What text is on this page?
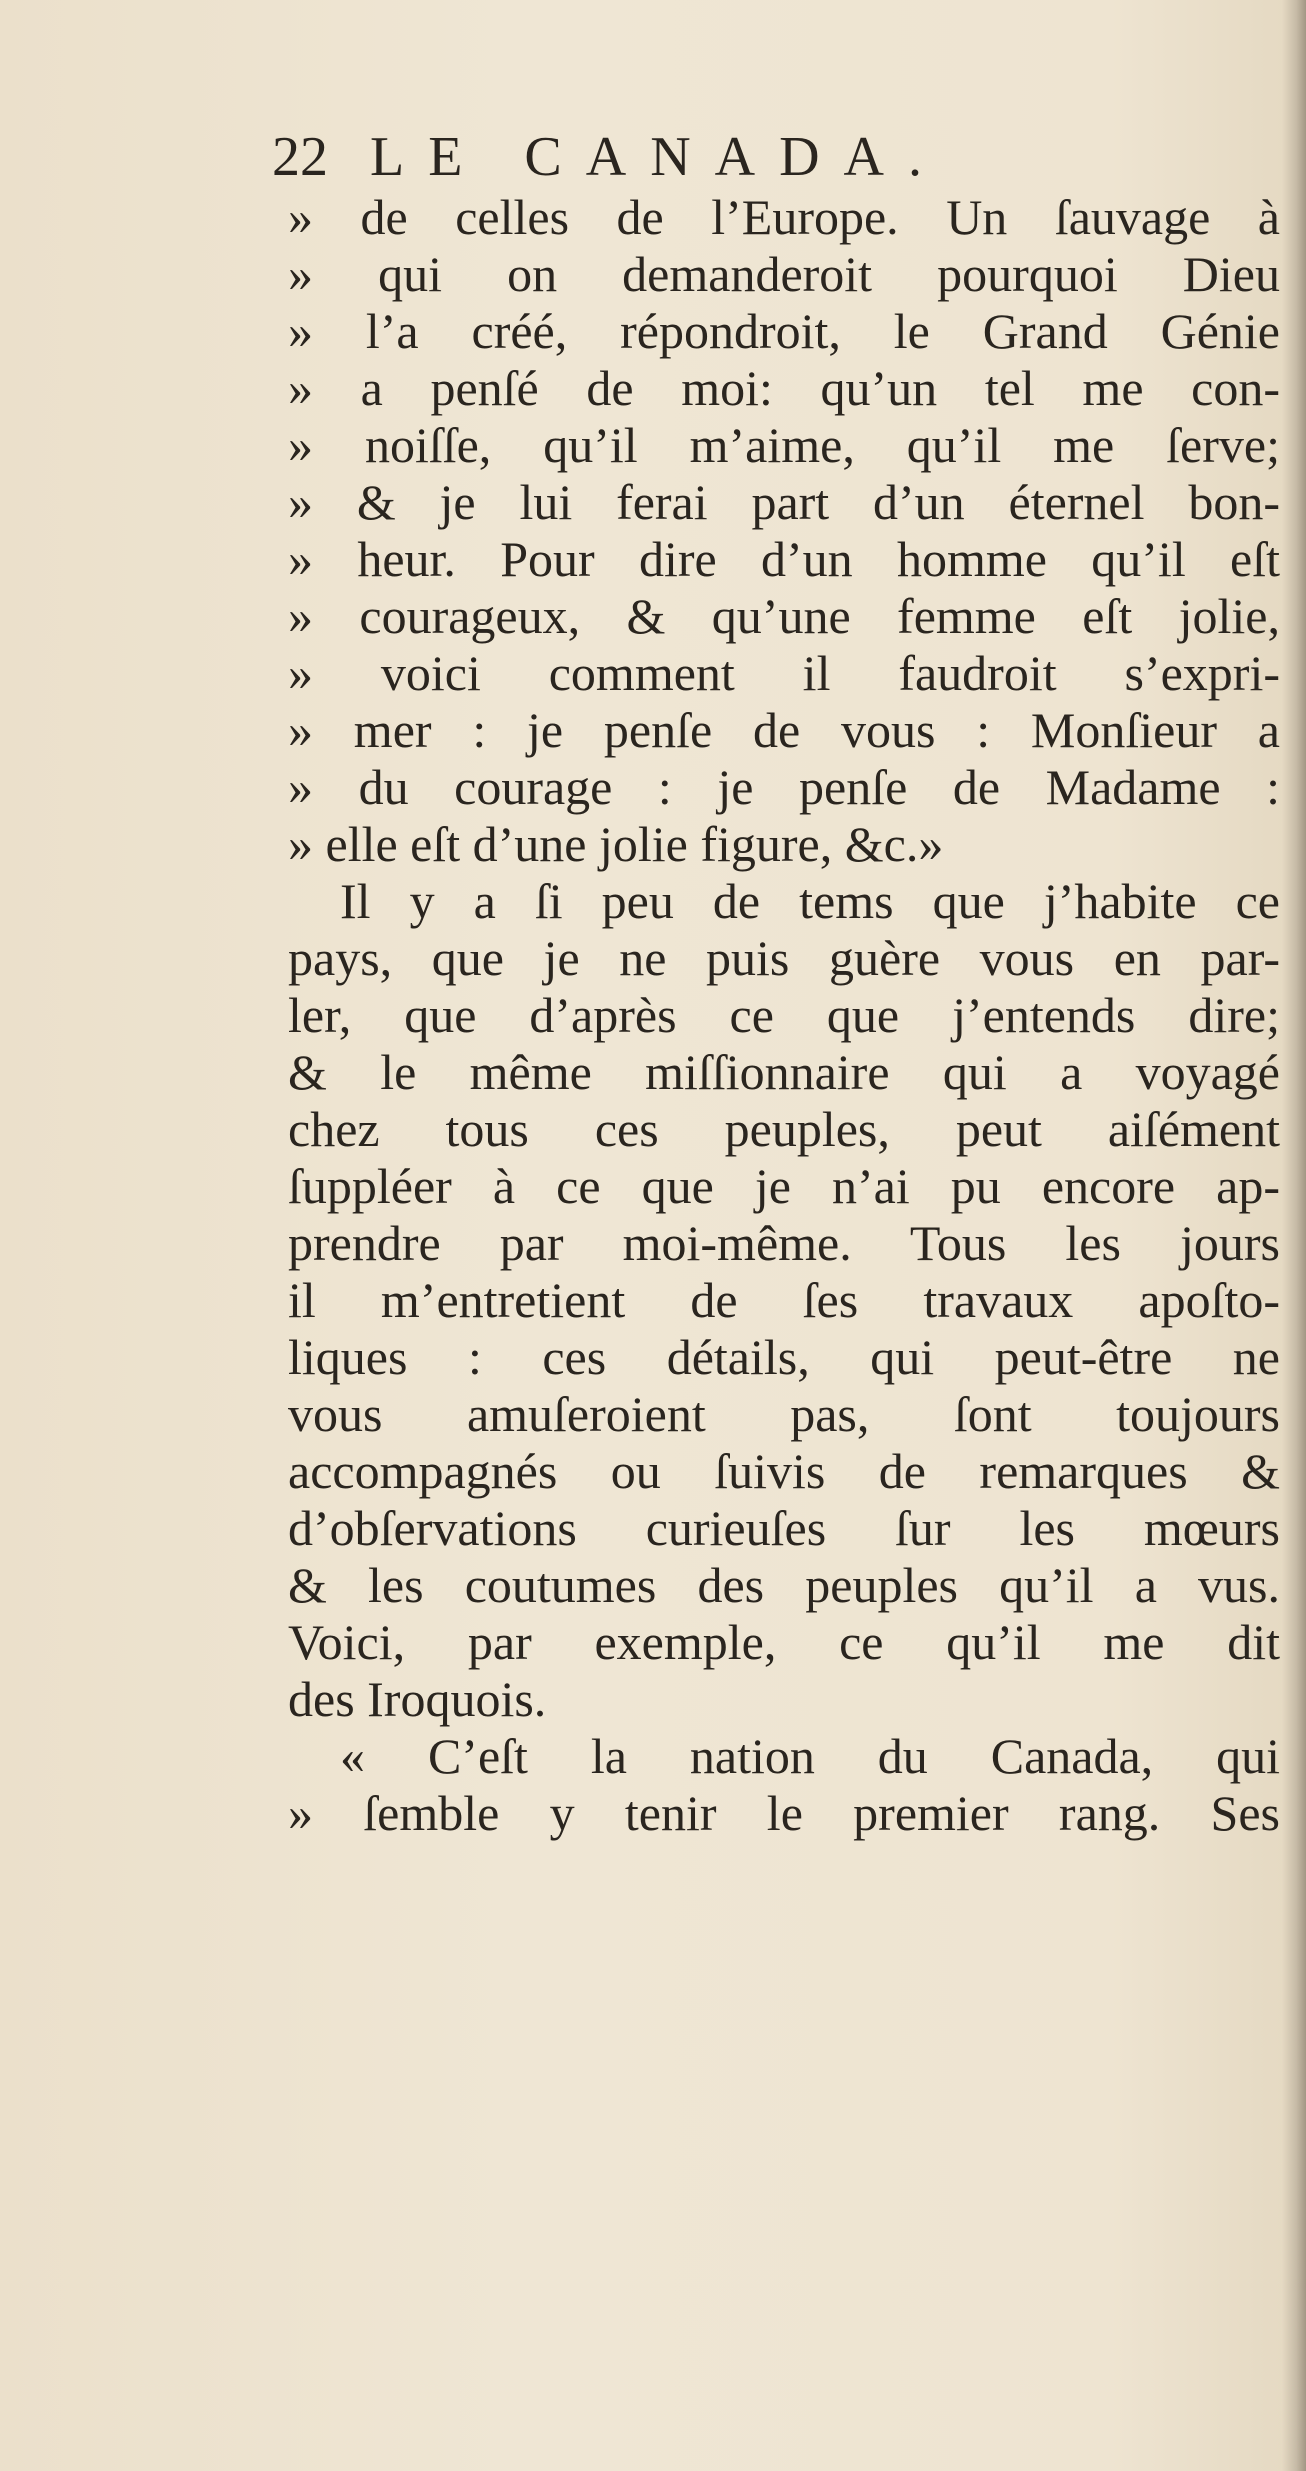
22 LE CANADA.
» de celles de l’Europe. Un ſauvage à
» qui on demanderoit pourquoi Dieu
» l’a créé, répondroit, le Grand Génie
» a penſé de moi: qu’un tel me con-
» noiſſe, qu’il m’aime, qu’il me ſerve;
» & je lui ferai part d’un éternel bon-
» heur. Pour dire d’un homme qu’il eſt
» courageux, & qu’une femme eſt jolie,
» voici comment il faudroit s’expri-
» mer : je penſe de vous : Monſieur a
» du courage : je penſe de Madame :
» elle eſt d’une jolie figure, &c.»
Il y a ſi peu de tems que j’habite ce
pays, que je ne puis guère vous en par-
ler, que d’après ce que j’entends dire;
& le même miſſionnaire qui a voyagé
chez tous ces peuples, peut aiſément
ſuppléer à ce que je n’ai pu encore ap-
prendre par moi-même. Tous les jours
il m’entretient de ſes travaux apoſto-
liques : ces détails, qui peut-être ne
vous amuſeroient pas, ſont toujours
accompagnés ou ſuivis de remarques &
d’obſervations curieuſes ſur les mœurs
& les coutumes des peuples qu’il a vus.
Voici, par exemple, ce qu’il me dit
des Iroquois.
« C’eſt la nation du Canada, qui
» ſemble y tenir le premier rang. Ses
